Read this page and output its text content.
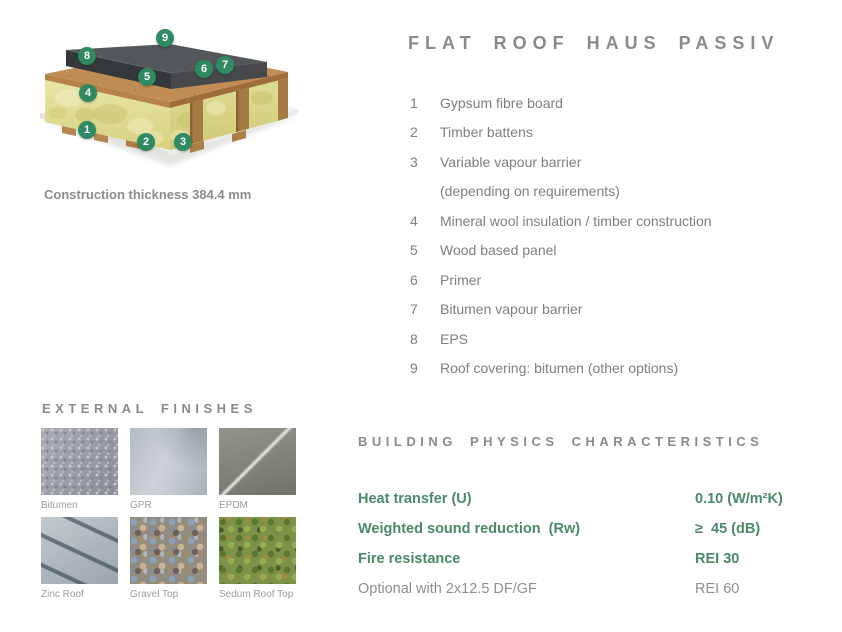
1
2	3
4
5
6	7
8
9
Construction thickness 384.4 mm
FLAT ROOF HAUS PASSIV
1	Gypsum fibre board
2	Timber battens
3	Variable vapour barrier
(depending on requirements)
4	Mineral wool insulation / timber construction
5	Wood based panel
6	Primer
7	Bitumen vapour barrier
8	EPS
9	Roof covering: bitumen (other options)
EXTERNAL FINISHES
Bitumen	GPR	EPDM
Zinc Roof	Gravel Top	Sedum Roof Top
BUILDING PHYSICS CHARACTERISTICS
Heat transfer (U)	0.10 (W/m²K)
Weighted sound reduction  (Rw)	≥  45 (dB)
Fire resistance	REI 30
Optional with 2x12.5 DF/GF	REI 60
